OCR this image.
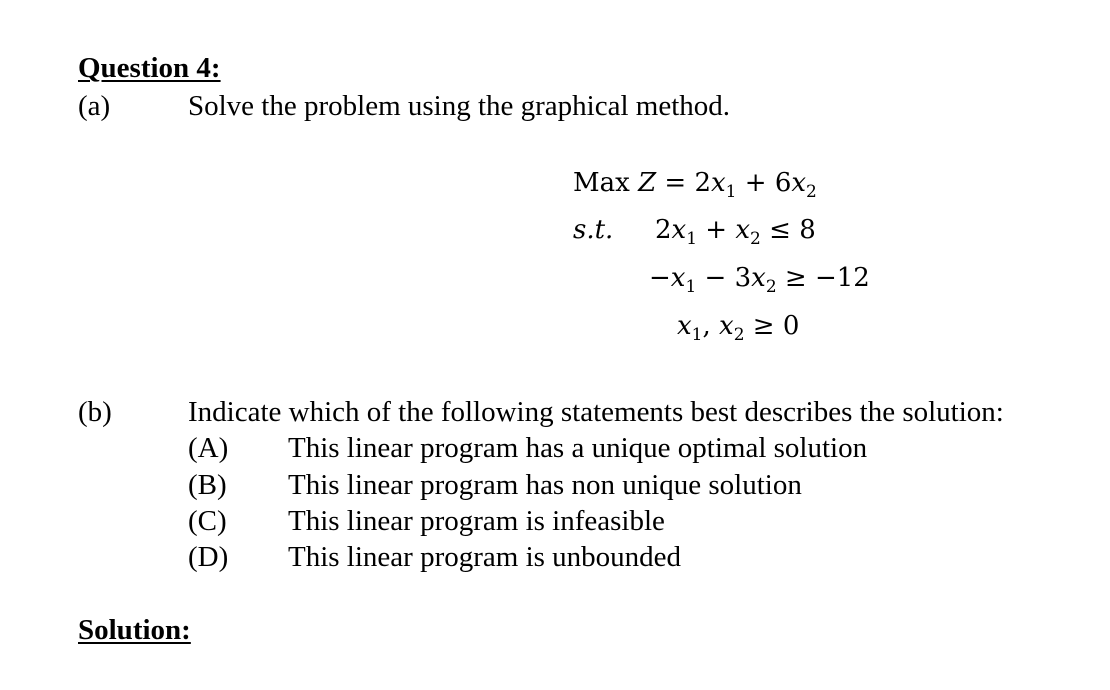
Question 4:
(a)	Solve the problem using the graphical method.
Max $Z = 2x_1 + 6x_2$
s.t. $2x_1 + x_2 \le 8$
$-x_1 - 3x_2 \ge -12$
$x_1$, $x_2 \ge 0$
(b)	Indicate which of the following statements best describes the solution:
(A) This linear program has a unique optimal solution
(B) This linear program has non unique solution
(C) This linear program is infeasible
(D) This linear program is unbounded
Solution:
